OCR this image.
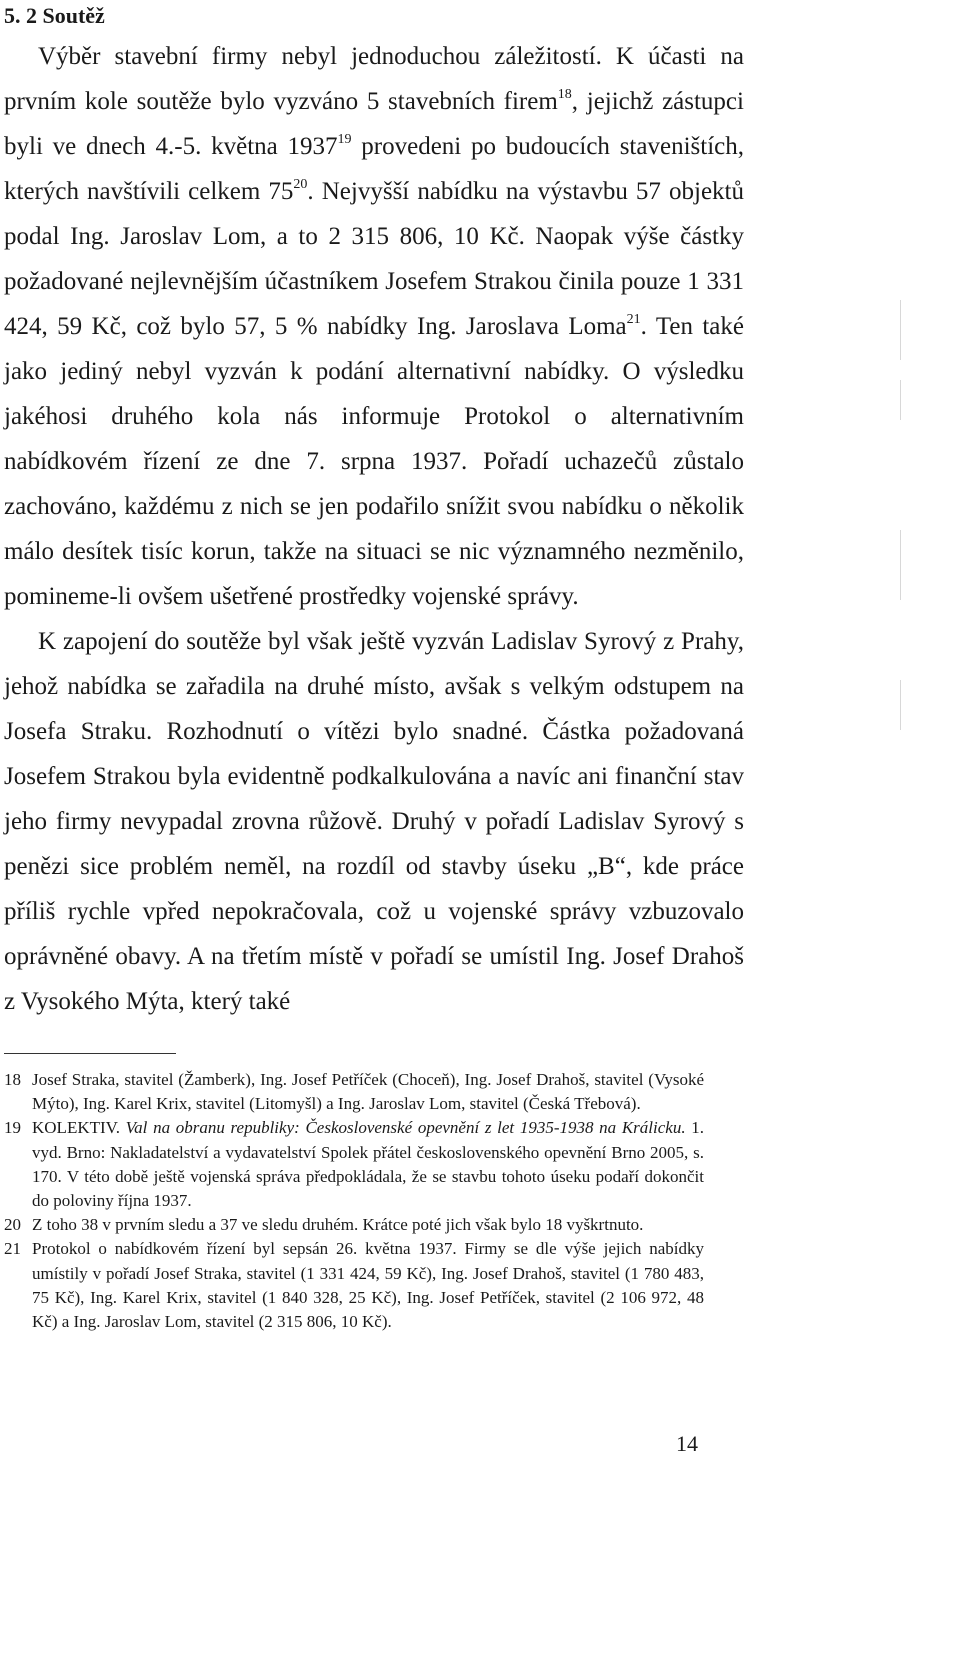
5. 2 Soutěž

Výběr stavební firmy nebyl jednoduchou záležitostí. K účasti na prvním kole soutěže bylo vyzváno 5 stavebních firem$^{18}$, jejichž zástupci byli ve dnech 4.-5. května 1937$^{19}$ provedeni po budoucích staveništích, kterých navštívili celkem $75^{20}$. Nejvyšší nabídku na výstavbu 57 objektů podal Ing. Jaroslav Lom, a to 2 315 806, 10 Kč. Naopak výše částky požadované nejlevnějším účastníkem Josefem Strakou činila pouze 1 331 424, 59 Kč, což bylo 57, 5 % nabídky Ing. Jaroslava Loma$^{21}$. Ten také jako jediný nebyl vyzván k podání alternativní nabídky. O výsledku jakéhosi druhého kola nás informuje Protokol o alternativním nabídkovém řízení ze dne 7. srpna 1937. Pořadí uchazečů zůstalo zachováno, každému z nich se jen podařilo snížit svou nabídku o několik málo desítek tisíc korun, takže na situaci se nic významného nezměnilo, pomineme-li ovšem ušetřené prostředky vojenské správy.

K zapojení do soutěže byl však ještě vyzván Ladislav Syrový z Prahy, jehož nabídka se zařadila na druhé místo, avšak s velkým odstupem na Josefa Straku. Rozhodnutí o vítězi bylo snadné. Částka požadovaná Josefem Strakou byla evidentně podkalkulována a navíc ani finanční stav jeho firmy nevypadal zrovna růžově. Druhý v pořadí Ladislav Syrový s penězi sice problém neměl, na rozdíl od stavby úseku „B“, kde práce příliš rychle vpřed nepokračovala, což u vojenské správy vzbuzovalo oprávněné obavy. A na třetím místě v pořadí se umístil Ing. Josef Drahoš z Vysokého Mýta, který také

18 Josef Straka, stavitel (Žamberk), Ing. Josef Petříček (Choceň), Ing. Josef Drahoš, stavitel (Vysoké Mýto), Ing. Karel Krix, stavitel (Litomyšl) a Ing. Jaroslav Lom, stavitel (Česká Třebová).

19 KOLEKTIV. Val na obranu republiky: Československé opevnění z let 1935-1938 na Králicku. 1. vyd. Brno: Nakladatelství a vydavatelství Spolek přátel československého opevnění Brno 2005, s. 170. V této době ještě vojenská správa předpokládala, že se stavbu tohoto úseku podaří dokončit do poloviny října 1937.

20 Z toho 38 v prvním sledu a 37 ve sledu druhém. Krátce poté jich však bylo 18 vyškrtnuto.

21 Protokol o nabídkovém řízení byl sepsán 26. května 1937. Firmy se dle výše jejich nabídky umístily v pořadí Josef Straka, stavitel (1 331 424, 59 Kč), Ing. Josef Drahoš, stavitel (1 780 483, 75 Kč), Ing. Karel Krix, stavitel (1 840 328, 25 Kč), Ing. Josef Petříček, stavitel (2 106 972, 48 Kč) a Ing. Jaroslav Lom, stavitel (2 315 806, 10 Kč).

14
